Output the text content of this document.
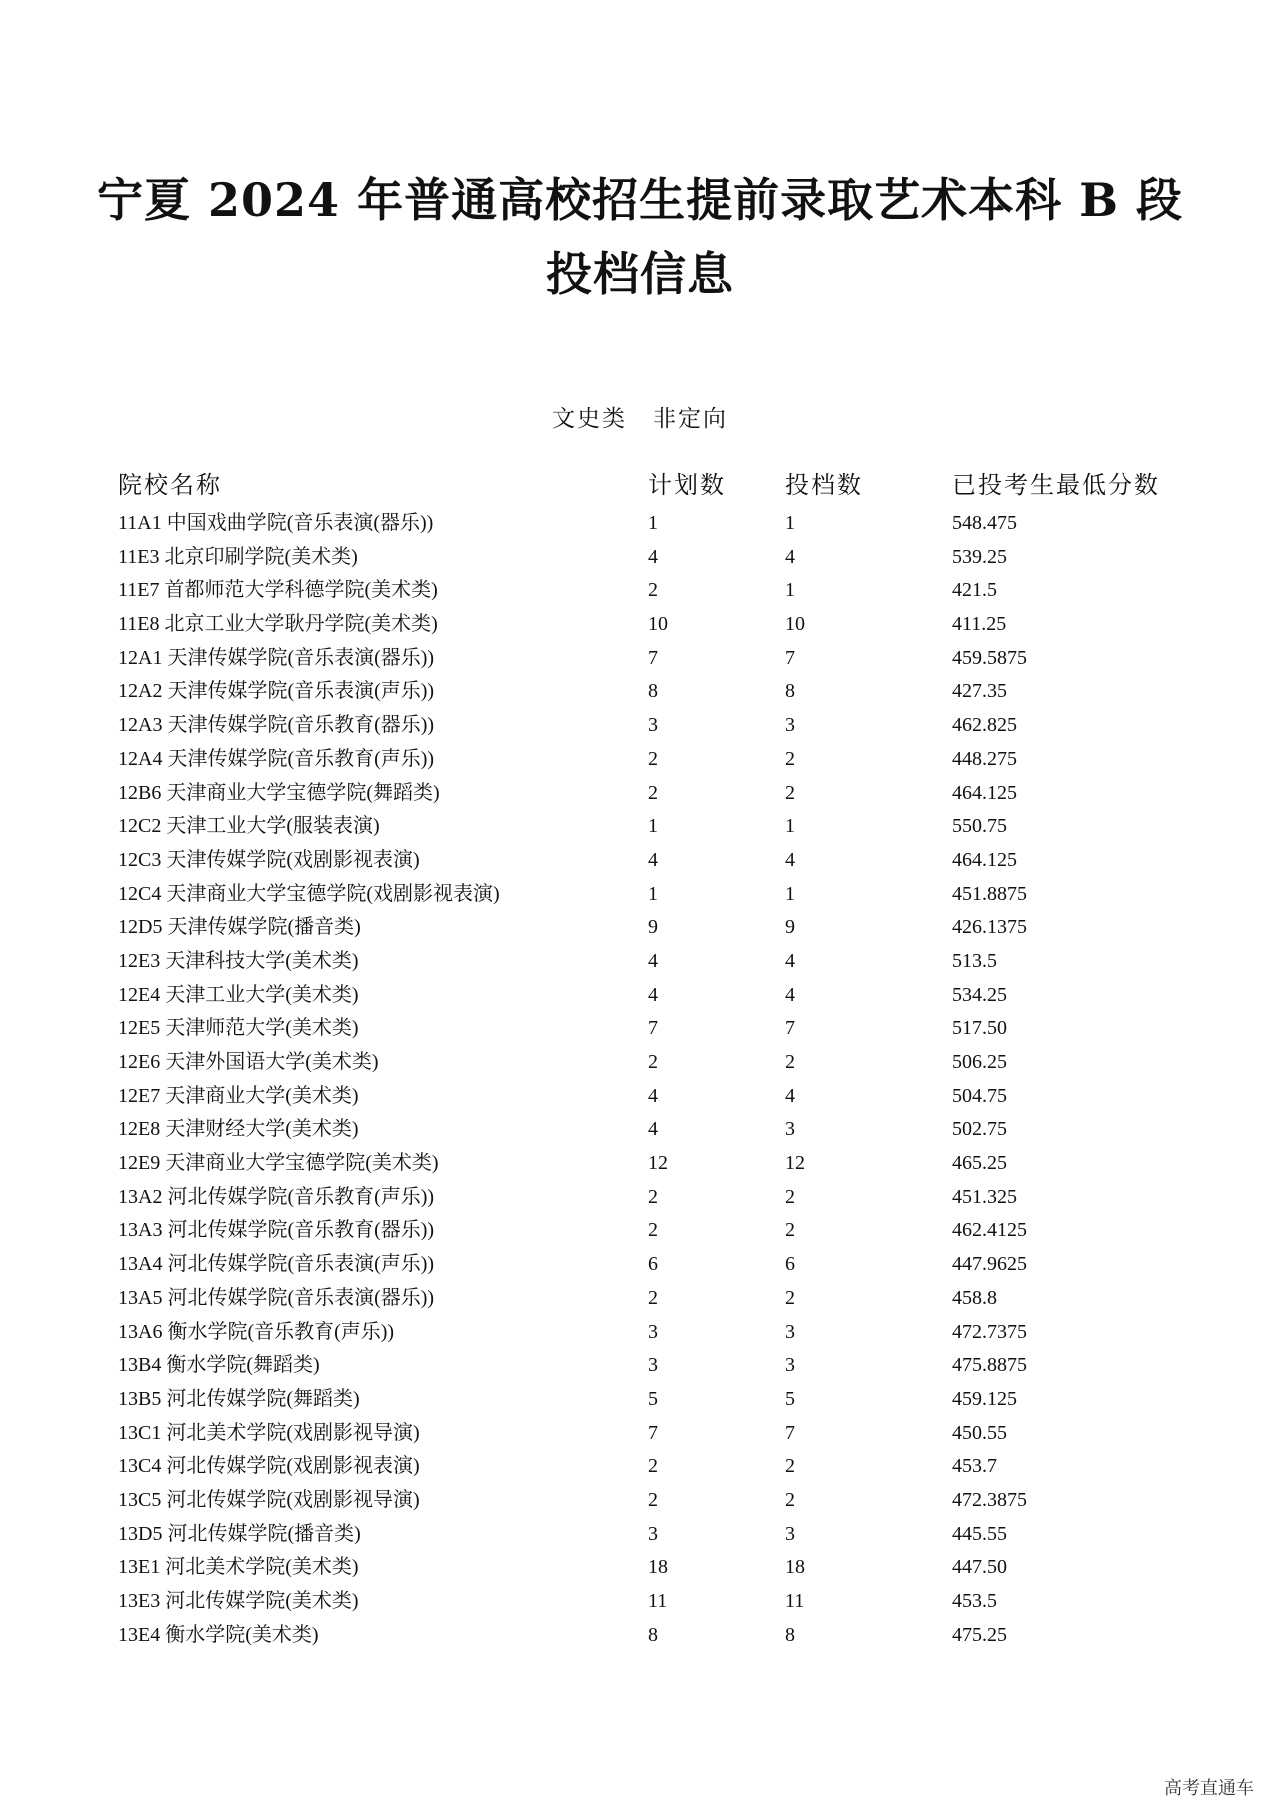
宁夏 2024 年普通高校招生提前录取艺术本科 B 段
投档信息
文史类 非定向
院校名称	计划数 投档数	已投考生最低分数
11A1 中国戏曲学院(音乐表演(器乐))	1	1	548.475
11E3 北京印刷学院(美术类)	4	4	539.25
11E7 首都师范大学科德学院(美术类)	2	1	421.5
11E8 北京工业大学耿丹学院(美术类)	10	10	411.25
12A1 天津传媒学院(音乐表演(器乐))	7	7	459.5875
12A2 天津传媒学院(音乐表演(声乐))	8	8	427.35
12A3 天津传媒学院(音乐教育(器乐))	3	3	462.825
12A4 天津传媒学院(音乐教育(声乐))	2	2	448.275
12B6 天津商业大学宝德学院(舞蹈类)	2	2	464.125
12C2 天津工业大学(服装表演)	1	1	550.75
12C3 天津传媒学院(戏剧影视表演)	4	4	464.125
12C4 天津商业大学宝德学院(戏剧影视表演)	1	1	451.8875
12D5 天津传媒学院(播音类)	9	9	426.1375
12E3 天津科技大学(美术类)	4	4	513.5
12E4 天津工业大学(美术类)	4	4	534.25
12E5 天津师范大学(美术类)	7	7	517.50
12E6 天津外国语大学(美术类)	2	2	506.25
12E7 天津商业大学(美术类)	4	4	504.75
12E8 天津财经大学(美术类)	4	3	502.75
12E9 天津商业大学宝德学院(美术类)	12	12	465.25
13A2 河北传媒学院(音乐教育(声乐))	2	2	451.325
13A3 河北传媒学院(音乐教育(器乐))	2	2	462.4125
13A4 河北传媒学院(音乐表演(声乐))	6	6	447.9625
13A5 河北传媒学院(音乐表演(器乐))	2	2	458.8
13A6 衡水学院(音乐教育(声乐))	3	3	472.7375
13B4 衡水学院(舞蹈类)	3	3	475.8875
13B5 河北传媒学院(舞蹈类)	5	5	459.125
13C1 河北美术学院(戏剧影视导演)	7	7	450.55
13C4 河北传媒学院(戏剧影视表演)	2	2	453.7
13C5 河北传媒学院(戏剧影视导演)	2	2	472.3875
13D5 河北传媒学院(播音类)	3	3	445.55
13E1 河北美术学院(美术类)	18	18	447.50
13E3 河北传媒学院(美术类)	11	11	453.5
13E4 衡水学院(美术类)	8	8	475.25
高考直通车
